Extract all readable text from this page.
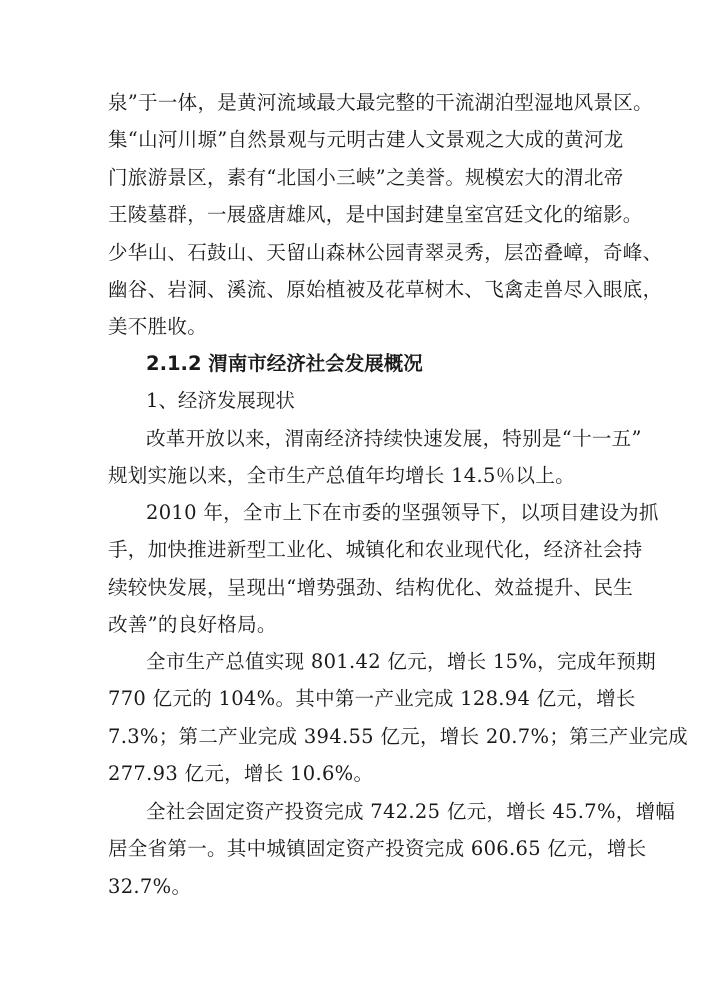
泉”于一体，是黄河流域最大最完整的干流湖泊型湿地风景区。
集“山河川塬”自然景观与元明古建人文景观之大成的黄河龙
门旅游景区，素有“北国小三峡”之美誉。规模宏大的渭北帝
王陵墓群，一展盛唐雄风，是中国封建皇室宫廷文化的缩影。
少华山、石鼓山、天留山森林公园青翠灵秀，层峦叠嶂，奇峰、
幽谷、岩洞、溪流、原始植被及花草树木、飞禽走兽尽入眼底，
美不胜收。
2.1.2 渭南市经济社会发展概况
1、经济发展现状
改革开放以来，渭南经济持续快速发展，特别是“十一五”
规划实施以来，全市生产总值年均增长 14.5％以上。
2010 年，全市上下在市委的坚强领导下，以项目建设为抓
手，加快推进新型工业化、城镇化和农业现代化，经济社会持
续较快发展，呈现出“增势强劲、结构优化、效益提升、民生
改善”的良好格局。
全市生产总值实现 801.42 亿元，增长 15%，完成年预期
770 亿元的 104%。其中第一产业完成 128.94 亿元，增长
7.3%；第二产业完成 394.55 亿元，增长 20.7%；第三产业完成
277.93 亿元，增长 10.6%。
全社会固定资产投资完成 742.25 亿元，增长 45.7%，增幅
居全省第一。其中城镇固定资产投资完成 606.65 亿元，增长
32.7%。
